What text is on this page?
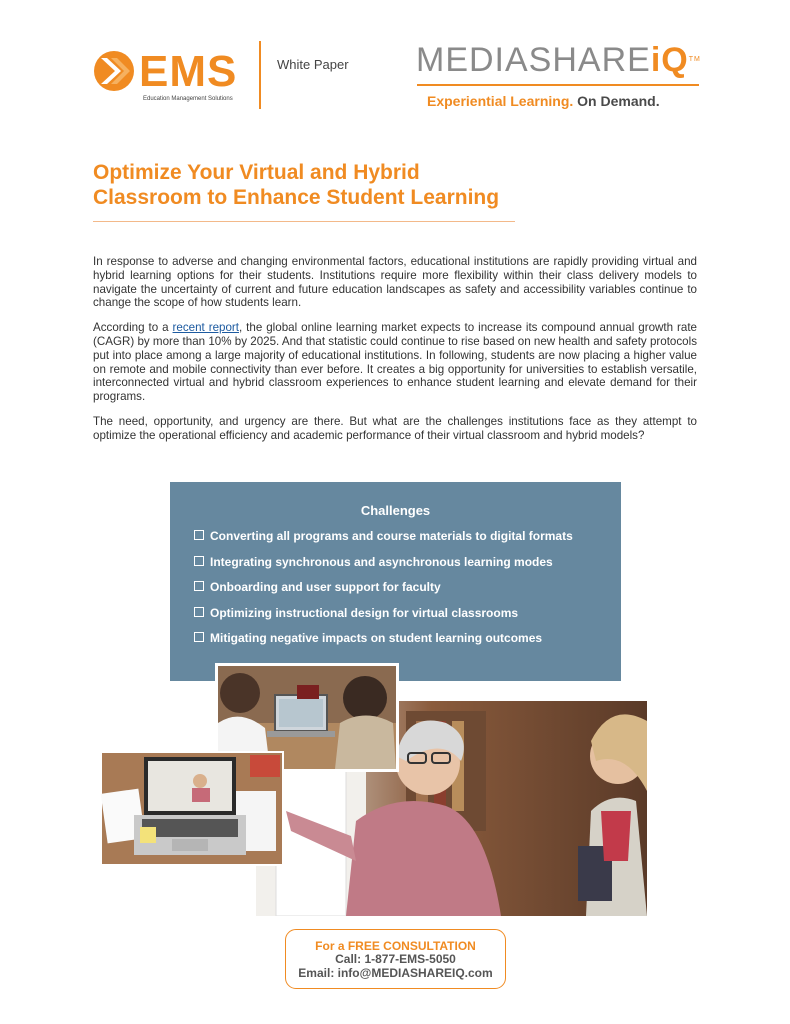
EMS
Education Management Solutions
White Paper MEDIASHAREiQ™
Experiential Learning. On Demand.
Optimize Your Virtual and Hybrid
Classroom to Enhance Student Learning

In response to adverse and changing environmental factors, educational institutions are rapidly providing virtual and hybrid learning options for their students. Institutions require more flexibility within their class delivery models to navigate the uncertainty of current and future education landscapes as safety and accessibility variables continue to change the scope of how students learn.

According to a recent report, the global online learning market expects to increase its compound annual growth rate (CAGR) by more than 10% by 2025. And that statistic could continue to rise based on new health and safety protocols put into place among a large majority of educational institutions. In following, students are now placing a higher value on remote and mobile connectivity than ever before. It creates a big opportunity for universities to establish versatile, interconnected virtual and hybrid classroom experiences to enhance student learning and elevate demand for their programs.

The need, opportunity, and urgency are there. But what are the challenges institutions face as they attempt to optimize the operational efficiency and academic performance of their virtual classroom and hybrid models?

Challenges
Converting all programs and course materials to digital formats
Integrating synchronous and asynchronous learning modes
Onboarding and user support for faculty
Optimizing instructional design for virtual classrooms
Mitigating negative impacts on student learning outcomes
For a FREE CONSULTATION
Call: 1-877-EMS-5050
Email: info@MEDIASHAREIQ.com
